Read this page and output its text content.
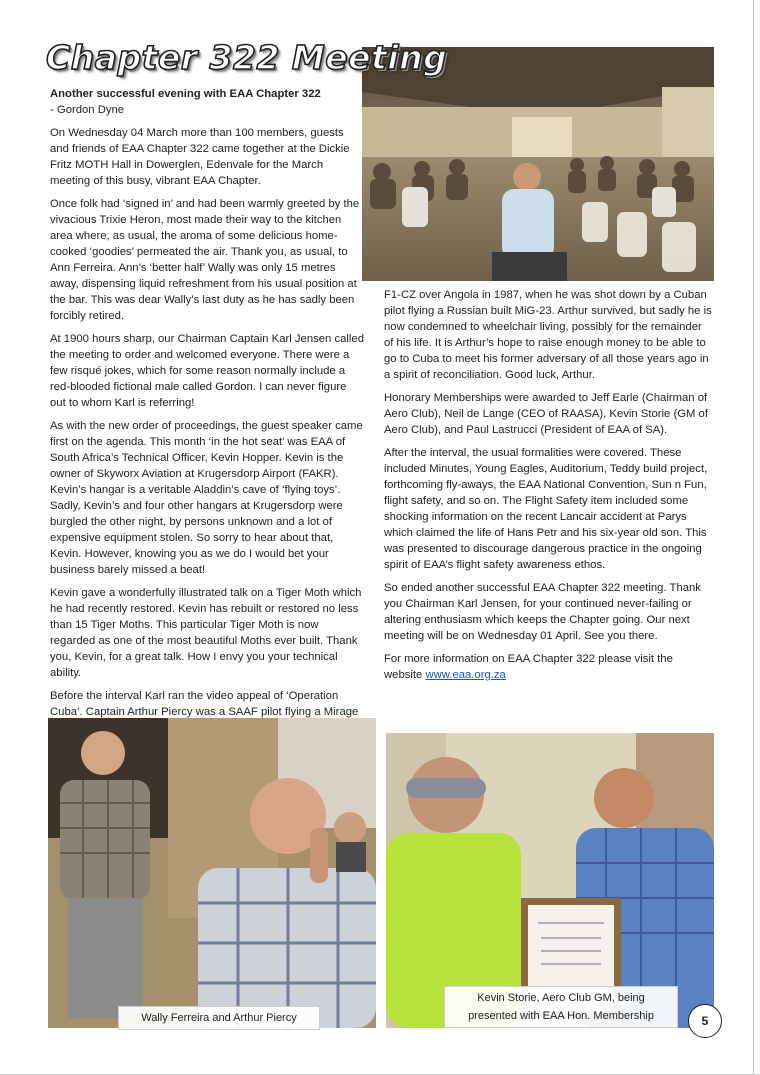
Chapter 322 Meeting

Another successful evening with EAA Chapter 322

- Gordon Dyne

On Wednesday 04 March more than 100 members, guests and friends of EAA Chapter 322 came together at the Dickie Fritz MOTH Hall in Dowerglen, Edenvale for the March meeting of this busy, vibrant EAA Chapter.

Once folk had ‘signed in’ and had been warmly greeted by the vivacious Trixie Heron, most made their way to the kitchen area where, as usual, the aroma of some delicious home-cooked ‘goodies’ permeated the air. Thank you, as usual, to Ann Ferreira. Ann’s ‘better half’ Wally was only 15 metres away, dispensing liquid refreshment from his usual position at the bar. This was dear Wally’s last duty as he has sadly been forcibly retired.

At 1900 hours sharp, our Chairman Captain Karl Jensen called the meeting to order and welcomed everyone. There were a few risqué jokes, which for some reason normally include a red-blooded fictional male called Gordon. I can never figure out to whom Karl is referring!

As with the new order of proceedings, the guest speaker came first on the agenda. This month ‘in the hot seat’ was EAA of South Africa’s Technical Officer, Kevin Hopper. Kevin is the owner of Skyworx Aviation at Krugersdorp Airport (FAKR). Kevin’s hangar is a veritable Aladdin’s cave of ‘flying toys’. Sadly, Kevin’s and four other hangars at Krugersdorp were burgled the other night, by persons unknown and a lot of expensive equipment stolen. So sorry to hear about that, Kevin. However, knowing you as we do I would bet your business barely missed a beat!

Kevin gave a wonderfully illustrated talk on a Tiger Moth which he had recently restored. Kevin has rebuilt or restored no less than 15 Tiger Moths. This particular Tiger Moth is now regarded as one of the most beautiful Moths ever built. Thank you, Kevin, for a great talk. How I envy you your technical ability.

Before the interval Karl ran the video appeal of ‘Operation Cuba’. Captain Arthur Piercy was a SAAF pilot flying a Mirage

F1-CZ over Angola in 1987, when he was shot down by a Cuban pilot flying a Russian built MiG-23. Arthur survived, but sadly he is now condemned to wheelchair living, possibly for the remainder of his life. It is Arthur’s hope to raise enough money to be able to go to Cuba to meet his former adversary of all those years ago in a spirit of reconciliation. Good luck, Arthur.

Honorary Memberships were awarded to Jeff Earle (Chairman of Aero Club), Neil de Lange (CEO of RAASA), Kevin Storie (GM of Aero Club), and Paul Lastrucci (President of EAA of SA).

After the interval, the usual formalities were covered. These included Minutes, Young Eagles, Auditorium, Teddy build project, forthcoming fly-aways, the EAA National Convention, Sun n Fun, flight safety, and so on. The Flight Safety item included some shocking information on the recent Lancair accident at Parys which claimed the life of Hans Petr and his six-year old son. This was presented to discourage dangerous practice in the ongoing spirit of EAA’s flight safety awareness ethos.

So ended another successful EAA Chapter 322 meeting. Thank you Chairman Karl Jensen, for your continued never-failing or altering enthusiasm which keeps the Chapter going. Our next meeting will be on Wednesday 01 April. See you there.

For more information on EAA Chapter 322 please visit the website www.eaa.org.za

Wally Ferreira and Arthur Piercy
Kevin Storie, Aero Club GM, being
presented with EAA Hon. Membership	5
